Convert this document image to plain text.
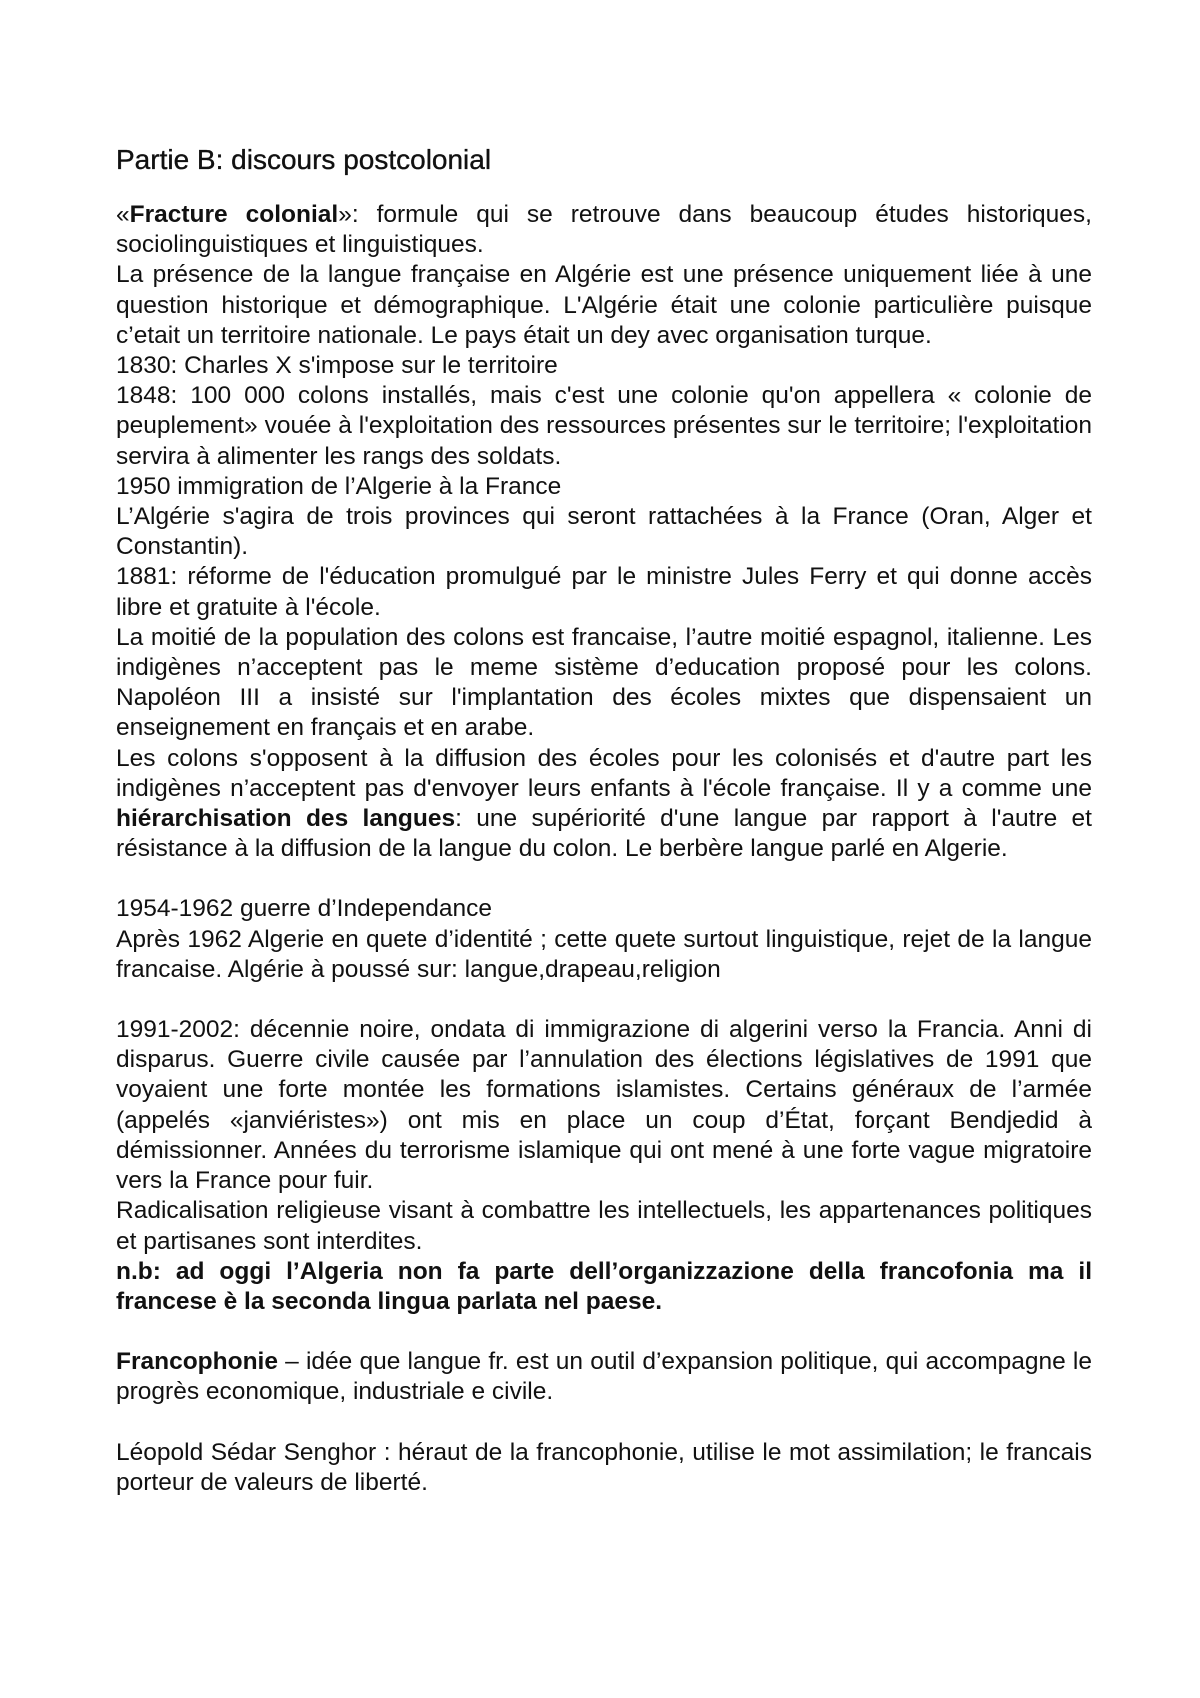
Partie B: discours postcolonial
«Fracture colonial»: formule qui se retrouve dans beaucoup études historiques, sociolinguistiques et linguistiques.
La présence de la langue française en Algérie est une présence uniquement liée à une question historique et démographique. L'Algérie était une colonie particulière puisque c’etait un territoire nationale. Le pays était un dey avec organisation turque.
1830: Charles X s'impose sur le territoire
1848: 100 000 colons installés, mais c'est une colonie qu'on appellera « colonie de peuplement» vouée à l'exploitation des ressources présentes sur le territoire; l'exploitation servira à alimenter les rangs des soldats.
1950 immigration de l’Algerie à la France
L’Algérie s'agira de trois provinces qui seront rattachées à la France (Oran, Alger et Constantin).
1881: réforme de l'éducation promulgué par le ministre Jules Ferry et qui donne accès libre et gratuite à l'école.
La moitié de la population des colons est francaise, l’autre moitié espagnol, italienne. Les indigènes n’acceptent pas le meme sistème d’education proposé pour les colons. Napoléon III a insisté sur l'implantation des écoles mixtes que dispensaient un enseignement en français et en arabe.
Les colons s'opposent à la diffusion des écoles pour les colonisés et d'autre part les indigènes n’acceptent pas d'envoyer leurs enfants à l'école française. Il y a comme une hiérarchisation des langues: une supériorité d'une langue par rapport à l'autre et résistance à la diffusion de la langue du colon. Le berbère langue parlé en Algerie.
1954-1962 guerre d’Independance
Après 1962 Algerie en quete d’identité ; cette quete surtout linguistique, rejet de la langue francaise. Algérie à poussé sur: langue,drapeau,religion
1991-2002: décennie noire, ondata di immigrazione di algerini verso la Francia. Anni di disparus. Guerre civile causée par l’annulation des élections législatives de 1991 que voyaient une forte montée les formations islamistes. Certains généraux de l’armée (appelés «janviéristes») ont mis en place un coup d’État, forçant Bendjedid à démissionner. Années du terrorisme islamique qui ont mené à une forte vague migratoire vers la France pour fuir.
Radicalisation religieuse visant à combattre les intellectuels, les appartenances politiques et partisanes sont interdites.
n.b: ad oggi l’Algeria non fa parte dell’organizzazione della francofonia ma il francese è la seconda lingua parlata nel paese.
Francophonie – idée que langue fr. est un outil d’expansion politique, qui accompagne le progrès economique, industriale e civile.
Léopold Sédar Senghor : héraut de la francophonie, utilise le mot assimilation; le francais porteur de valeurs de liberté.
